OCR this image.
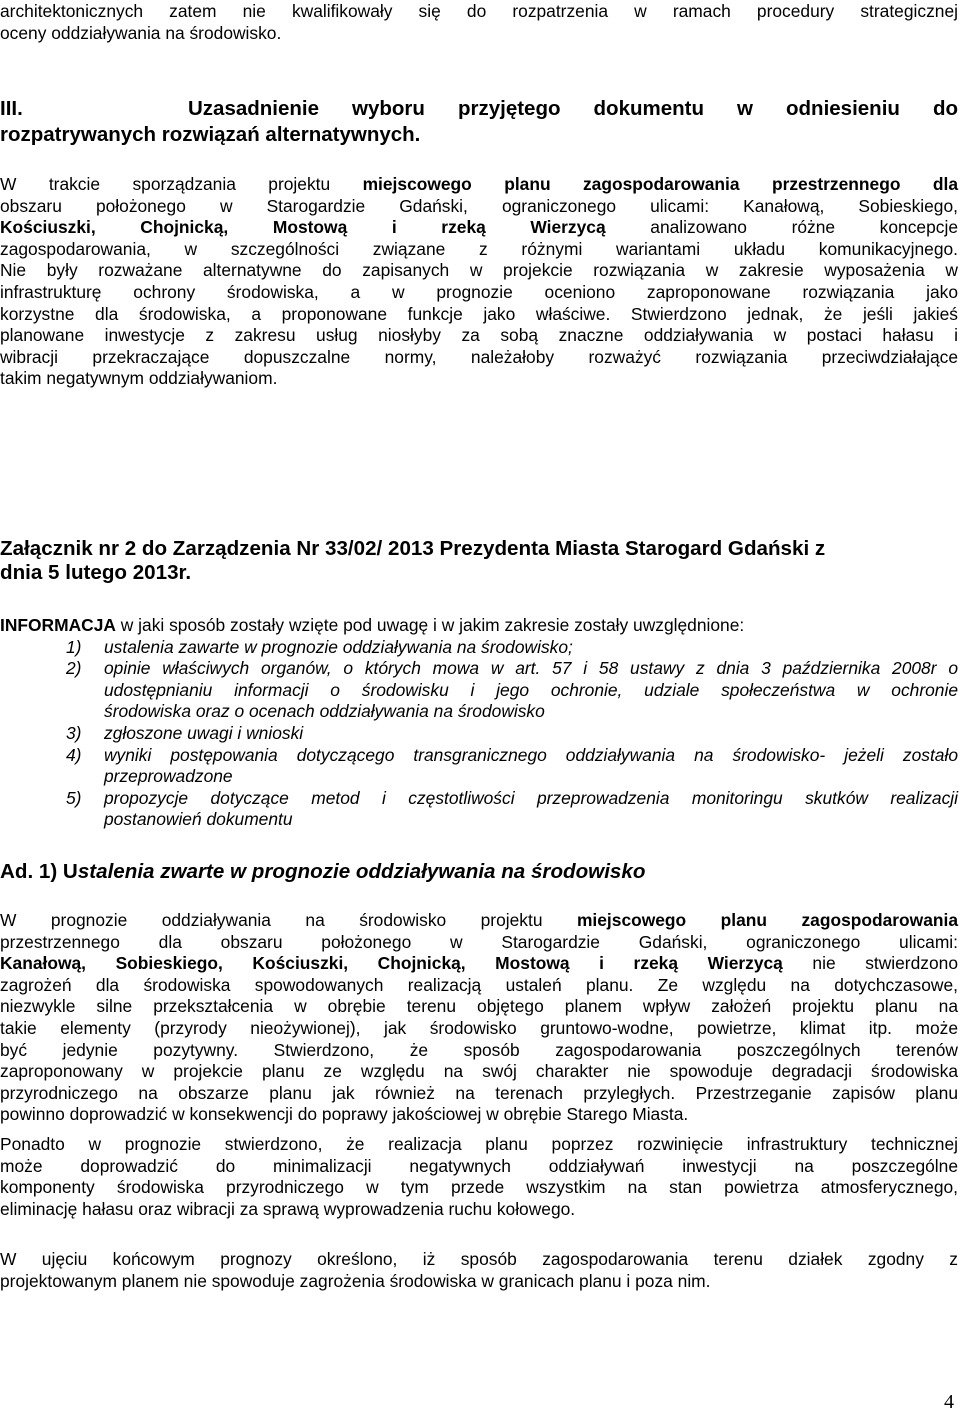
architektonicznych zatem nie kwalifikowały się do rozpatrzenia w ramach procedury strategicznej

oceny oddziaływania na środowisko.

III.	Uzasadnienie wyboru przyjętego dokumentu w odniesieniu do

rozpatrywanych rozwiązań alternatywnych.

W trakcie sporządzania projektu miejscowego planu zagospodarowania przestrzennego dla

obszaru położonego w Starogardzie Gdański, ograniczonego ulicami: Kanałową, Sobieskiego,

Kościuszki, Chojnicką, Mostową i rzeką Wierzycą analizowano różne koncepcje

zagospodarowania, w szczególności związane z różnymi wariantami układu komunikacyjnego.

Nie były rozważane alternatywne do zapisanych w projekcie rozwiązania w zakresie wyposażenia w

infrastrukturę ochrony środowiska, a w prognozie oceniono zaproponowane rozwiązania jako

korzystne dla środowiska, a proponowane funkcje jako właściwe. Stwierdzono jednak, że jeśli jakieś

planowane inwestycje z zakresu usług niosłyby za sobą znaczne oddziaływania w postaci hałasu i

wibracji przekraczające dopuszczalne normy, należałoby rozważyć rozwiązania przeciwdziałające

takim negatywnym oddziaływaniom.

Załącznik nr 2 do Zarządzenia Nr 33/02/ 2013 Prezydenta Miasta Starogard Gdański z

dnia 5 lutego 2013r.

INFORMACJA w jaki sposób zostały wzięte pod uwagę i w jakim zakresie zostały uwzględnione:

1) ustalenia zawarte w prognozie oddziaływania na środowisko;
2) opinie właściwych organów, o których mowa w art. 57 i 58 ustawy z dnia 3 października 2008r o
udostępnianiu informacji o środowisku i jego ochronie, udziale społeczeństwa w ochronie
środowiska oraz o ocenach oddziaływania na środowisko
3) zgłoszone uwagi i wnioski
4) wyniki postępowania dotyczącego transgranicznego oddziaływania na środowisko- jeżeli zostało
przeprowadzone
5) propozycje dotyczące metod i częstotliwości przeprowadzenia monitoringu skutków realizacji
postanowień dokumentu

Ad. 1) Ustalenia zwarte w prognozie oddziaływania na środowisko

W prognozie oddziaływania na środowisko projektu miejscowego planu zagospodarowania

przestrzennego dla obszaru położonego w Starogardzie Gdański, ograniczonego ulicami:

Kanałową, Sobieskiego, Kościuszki, Chojnicką, Mostową i rzeką Wierzycą nie stwierdzono

zagrożeń dla środowiska spowodowanych realizacją ustaleń planu. Ze względu na dotychczasowe,

niezwykle silne przekształcenia w obrębie terenu objętego planem wpływ założeń projektu planu na

takie elementy (przyrody nieożywionej), jak środowisko gruntowo-wodne, powietrze, klimat itp. może

być jedynie pozytywny. Stwierdzono, że sposób zagospodarowania poszczególnych terenów

zaproponowany w projekcie planu ze względu na swój charakter nie spowoduje degradacji środowiska

przyrodniczego na obszarze planu jak również na terenach przyległych. Przestrzeganie zapisów planu

powinno doprowadzić w konsekwencji do poprawy jakościowej w obrębie Starego Miasta.

Ponadto w prognozie stwierdzono, że realizacja planu poprzez rozwinięcie infrastruktury technicznej

może doprowadzić do minimalizacji negatywnych oddziaływań inwestycji na poszczególne

komponenty środowiska przyrodniczego w tym przede wszystkim na stan powietrza atmosferycznego,

eliminację hałasu oraz wibracji za sprawą wyprowadzenia ruchu kołowego.

W ujęciu końcowym prognozy określono, iż sposób zagospodarowania terenu działek zgodny z

projektowanym planem nie spowoduje zagrożenia środowiska w granicach planu i poza nim.

4
